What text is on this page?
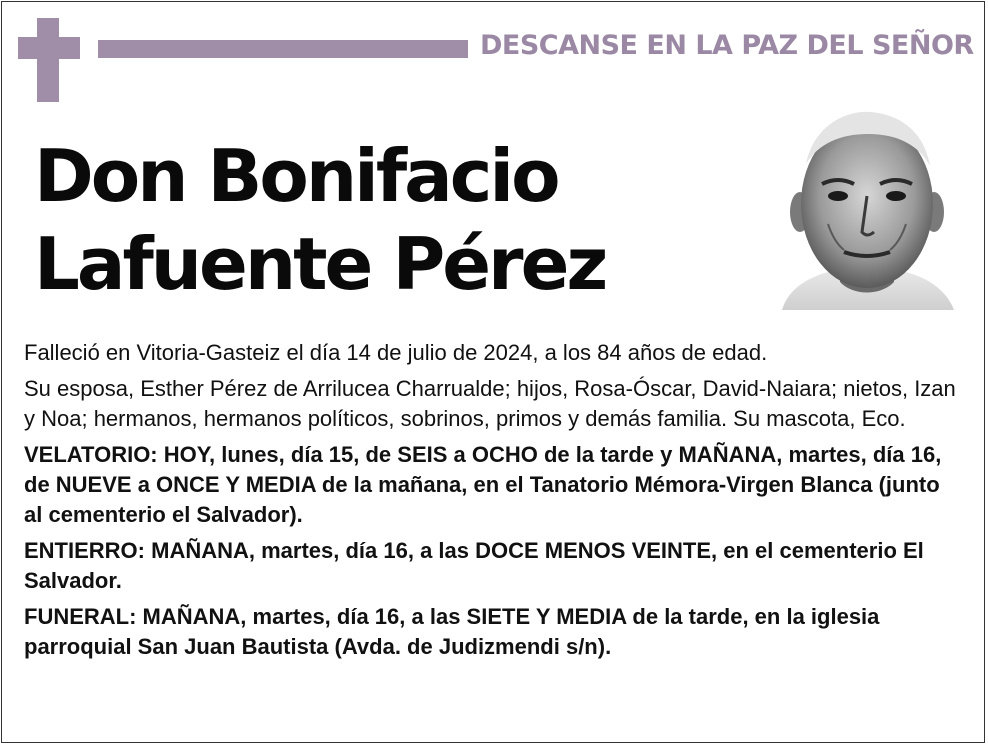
DESCANSE EN LA PAZ DEL SEÑOR
Don Bonifacio
Lafuente Pérez

Falleció en Vitoria-Gasteiz el día 14 de julio de 2024, a los 84 años de edad.

Su esposa, Esther Pérez de Arrilucea Charrualde; hijos, Rosa-Óscar, David-Naiara; nietos, Izan y Noa; hermanos, hermanos políticos, sobrinos, primos y demás familia. Su mascota, Eco.

VELATORIO: HOY, lunes, día 15, de SEIS a OCHO de la tarde y MAÑANA, martes, día 16, de NUEVE a ONCE Y MEDIA de la mañana, en el Tanatorio Mémora-Virgen Blanca (junto al cementerio el Salvador).

ENTIERRO: MAÑANA, martes, día 16, a las DOCE MENOS VEINTE, en el cementerio El Salvador.

FUNERAL: MAÑANA, martes, día 16, a las SIETE Y MEDIA de la tarde, en la iglesia parroquial San Juan Bautista (Avda. de Judizmendi s/n).
